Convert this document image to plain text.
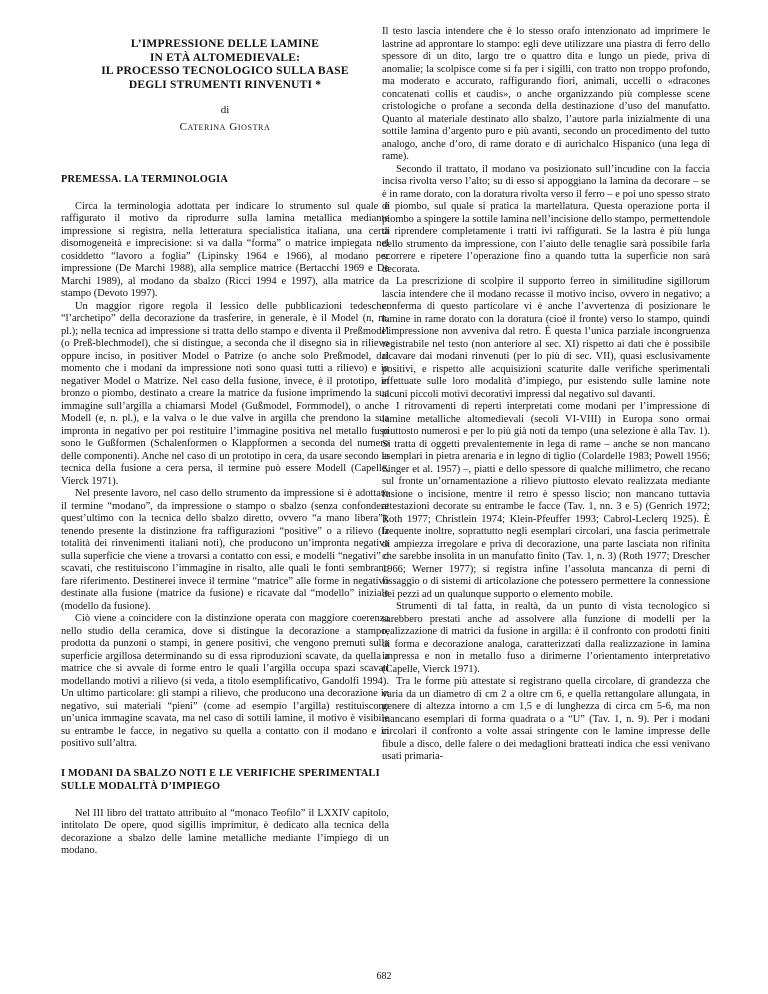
L’IMPRESSIONE DELLE LAMINE
IN ETÀ ALTOMEDIEVALE:
IL PROCESSO TECNOLOGICO SULLA BASE
DEGLI STRUMENTI RINVENUTI *
di
Caterina Giostra
PREMESSA. LA TERMINOLOGIA

Circa la terminologia adottata per indicare lo strumento sul quale è raffigurato il motivo da riprodurre sulla lamina metallica mediante impressione si registra, nella letteratura specialistica italiana, una certa disomogeneità e imprecisione: si va dalla “forma” o matrice impiegata nel cosiddetto “lavoro a foglia” (Lipinsky 1964 e 1966), al modano per impressione (De Marchi 1988), alla semplice matrice (Bertacchi 1969 e De Marchi 1989), al modano da sbalzo (Ricci 1994 e 1997), alla matrice da stampo (Devoto 1997).

Un maggior rigore regola il lessico delle pubblicazioni tedesche: “l’archetipo” della decorazione da trasferire, in generale, è il Model (n, m. pl.); nella tecnica ad impressione si tratta dello stampo e diventa il Preßmodel (o Preß-blechmodel), che si distingue, a seconda che il disegno sia in rilievo oppure inciso, in positiver Model o Patrize (o anche solo Preßmodel, dal momento che i modani da impressione noti sono quasi tutti a rilievo) e in negativer Model o Matrize. Nel caso della fusione, invece, è il prototipo, in bronzo o piombo, destinato a creare la matrice da fusione imprimendo la sua immagine sull’argilla a chiamarsi Model (Gußmodel, Formmodel), o anche Modell (e, n. pl.), e la valva o le due valve in argilla che prendono la sua impronta in negativo per poi restituire l’immagine positiva nel metallo fuso sono le Gußformen (Schalenformen o Klappformen a seconda del numero delle componenti). Anche nel caso di un prototipo in cera, da usare secondo la tecnica della fusione a cera persa, il termine può essere Modell (Capelle, Vierck 1971).

Nel presente lavoro, nel caso dello strumento da impressione si è adottato il termine “modano”, da impressione o stampo o sbalzo (senza confondere quest’ultimo con la tecnica dello sbalzo diretto, ovvero “a mano libera”), tenendo presente la distinzione fra raffigurazioni “positive” o a rilievo (la totalità dei rinvenimenti italiani noti), che producono un’impronta negativa sulla superficie che viene a trovarsi a contatto con essi, e modelli “negativi” o scavati, che restituiscono l’immagine in risalto, alle quali le fonti sembrano fare riferimento. Destinerei invece il termine “matrice” alle forme in negativo destinate alla fusione (matrice da fusione) e ricavate dal “modello” iniziale (modello da fusione).

Ciò viene a coincidere con la distinzione operata con maggiore coerenza nello studio della ceramica, dove si distingue la decorazione a stampo, prodotta da punzoni o stampi, in genere positivi, che vengono premuti sulla superficie argillosa determinando su di essa riproduzioni scavate, da quella a matrice che si avvale di forme entro le quali l’argilla occupa spazi scavati modellando motivi a rilievo (si veda, a titolo esemplificativo, Gandolfi 1994). Un ultimo particolare: gli stampi a rilievo, che producono una decorazione in negativo, sui materiali “pieni” (come ad esempio l’argilla) restituiscono un’unica immagine scavata, ma nel caso di sottili lamine, il motivo è visibile su entrambe le facce, in negativo su quella a contatto con il modano e in positivo sull’altra.

I MODANI DA SBALZO NOTI E LE VERIFICHE SPERIMENTALI SULLE MODALITÀ D’IMPIEGO

Nel III libro del trattato attribuito al “monaco Teofilo” il LXXIV capitolo, intitolato De opere, quod sigillis imprimitur, è dedicato alla tecnica della decorazione a sbalzo delle lamine metalliche mediante l’impiego di un modano.

Il testo lascia intendere che è lo stesso orafo intenzionato ad imprimere le lastrine ad approntare lo stampo: egli deve utilizzare una piastra di ferro dello spessore di un dito, largo tre o quattro dita e lungo un piede, priva di anomalie; la scolpisce come si fa per i sigilli, con tratto non troppo profondo, ma moderato e accurato, raffigurando fiori, animali, uccelli o «dracones concatenati collis et caudis», o anche organizzando più complesse scene cristologiche o profane a seconda della destinazione d’uso del manufatto. Quanto al materiale destinato allo sbalzo, l’autore parla inizialmente di una sottile lamina d’argento puro e più avanti, secondo un procedimento del tutto analogo, anche d’oro, di rame dorato e di aurichalco Hispanico (una lega di rame).

Secondo il trattato, il modano va posizionato sull’incudine con la faccia incisa rivolta verso l’alto; su di esso si appoggiano la lamina da decorare – se è in rame dorato, con la doratura rivolta verso il ferro – e poi uno spesso strato di piombo, sul quale si pratica la martellatura. Questa operazione porta il piombo a spingere la sottile lamina nell’incisione dello stampo, permettendole di riprendere completamente i tratti ivi raffigurati. Se la lastra è più lunga dello strumento da impressione, con l’aiuto delle tenaglie sarà possibile farla scorrere e ripetere l’operazione fino a quando tutta la superficie non sarà decorata.

La prescrizione di scolpire il supporto ferreo in similitudine sigillorum lascia intendere che il modano recasse il motivo inciso, ovvero in negativo; a conferma di questo particolare vi è anche l’avvertenza di posizionare le lamine in rame dorato con la doratura (cioè il fronte) verso lo stampo, quindi l’impressione non avveniva dal retro. È questa l’unica parziale incongruenza registrabile nel testo (non anteriore al sec. XI) rispetto ai dati che è possibile ricavare dai modani rinvenuti (per lo più di sec. VII), quasi esclusivamente positivi, e rispetto alle acquisizioni scaturite dalle verifiche sperimentali effettuate sulle loro modalità d’impiego, pur esistendo sulle lamine note alcuni piccoli motivi decorativi impressi dal negativo sul davanti.

I ritrovamenti di reperti interpretati come modani per l’impressione di lamine metalliche altomedievali (secoli VI-VIII) in Europa sono ormai piuttosto numerosi e per lo più già noti da tempo (una selezione è alla Tav. 1). Si tratta di oggetti prevalentemente in lega di rame – anche se non mancano esemplari in pietra arenaria e in legno di tiglio (Colardelle 1983; Powell 1956; Singer et al. 1957) –, piatti e dello spessore di qualche millimetro, che recano sul fronte un’ornamentazione a rilievo piuttosto elevato realizzata mediante fusione o incisione, mentre il retro è spesso liscio; non mancano tuttavia attestazioni decorate su entrambe le facce (Tav. 1, nn. 3 e 5) (Genrich 1972; Roth 1977; Christlein 1974; Klein-Pfeuffer 1993; Cabrol-Leclerq 1925). È frequente inoltre, soprattutto negli esemplari circolari, una fascia perimetrale di ampiezza irregolare e priva di decorazione, una parte lasciata non rifinita che sarebbe insolita in un manufatto finito (Tav. 1, n. 3) (Roth 1977; Drescher 1966; Werner 1977); si registra infine l’assoluta mancanza di perni di fissaggio o di sistemi di articolazione che potessero permettere la connessione dei pezzi ad un qualunque supporto o elemento mobile.

Strumenti di tal fatta, in realtà, da un punto di vista tecnologico si sarebbero prestati anche ad assolvere alla funzione di modelli per la realizzazione di matrici da fusione in argilla: è il confronto con prodotti finiti di forma e decorazione analoga, caratterizzati dalla realizzazione in lamina impressa e non in metallo fuso a dirimerne l’orientamento interpretativo (Capelle, Vierck 1971).

Tra le forme più attestate si registrano quella circolare, di grandezza che varia da un diametro di cm 2 a oltre cm 6, e quella rettangolare allungata, in genere di altezza intorno a cm 1,5 e di lunghezza di circa cm 5-6, ma non mancano esemplari di forma quadrata o a “U” (Tav. 1, n. 9). Per i modani circolari il confronto a volte assai stringente con le lamine impresse delle fibule a disco, delle falere o dei medaglioni bratteati indica che essi venivano usati primaria-

682
